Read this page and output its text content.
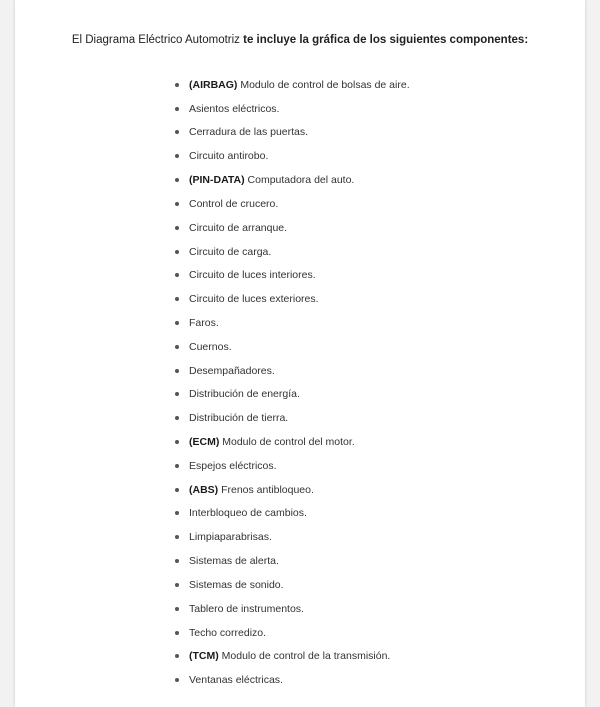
El Diagrama Eléctrico Automotriz te incluye la gráfica de los siguientes componentes:

(AIRBAG) Modulo de control de bolsas de aire.
Asientos eléctricos.
Cerradura de las puertas.
Circuito antirobo.
(PIN-DATA) Computadora del auto.
Control de crucero.
Circuito de arranque.
Circuito de carga.
Circuito de luces interiores.
Circuito de luces exteriores.
Faros.
Cuernos.
Desempañadores.
Distribución de energía.
Distribución de tierra.
(ECM) Modulo de control del motor.
Espejos eléctricos.
(ABS) Frenos antibloqueo.
Interbloqueo de cambios.
Limpiaparabrisas.
Sistemas de alerta.
Sistemas de sonido.
Tablero de instrumentos.
Techo corredizo.
(TCM) Modulo de control de la transmisión.
Ventanas eléctricas.
